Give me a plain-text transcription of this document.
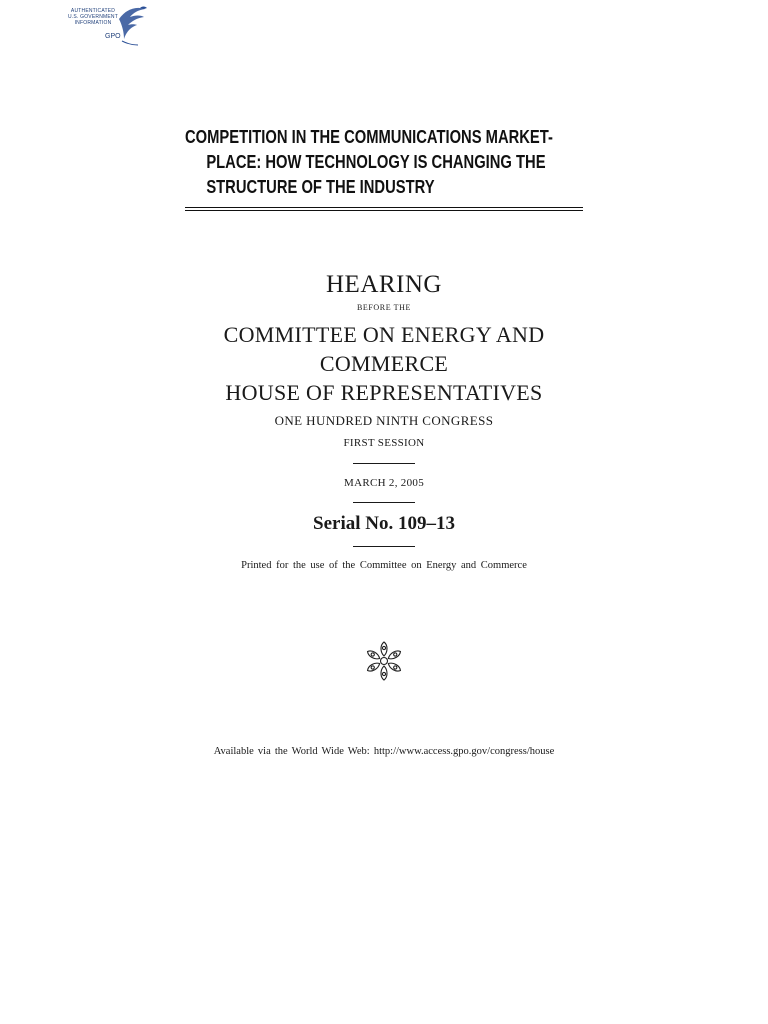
AUTHENTICATED
U.S. GOVERNMENT
INFORMATION
GPO
COMPETITION IN THE COMMUNICATIONS MARKET-
PLACE: HOW TECHNOLOGY IS CHANGING THE
STRUCTURE OF THE INDUSTRY
HEARING
BEFORE THE
COMMITTEE ON ENERGY AND
COMMERCE
HOUSE OF REPRESENTATIVES
ONE HUNDRED NINTH CONGRESS
FIRST SESSION
MARCH 2, 2005
Serial No. 109–13
Printed for the use of the Committee on Energy and Commerce
Available via the World Wide Web: http://www.access.gpo.gov/congress/house
